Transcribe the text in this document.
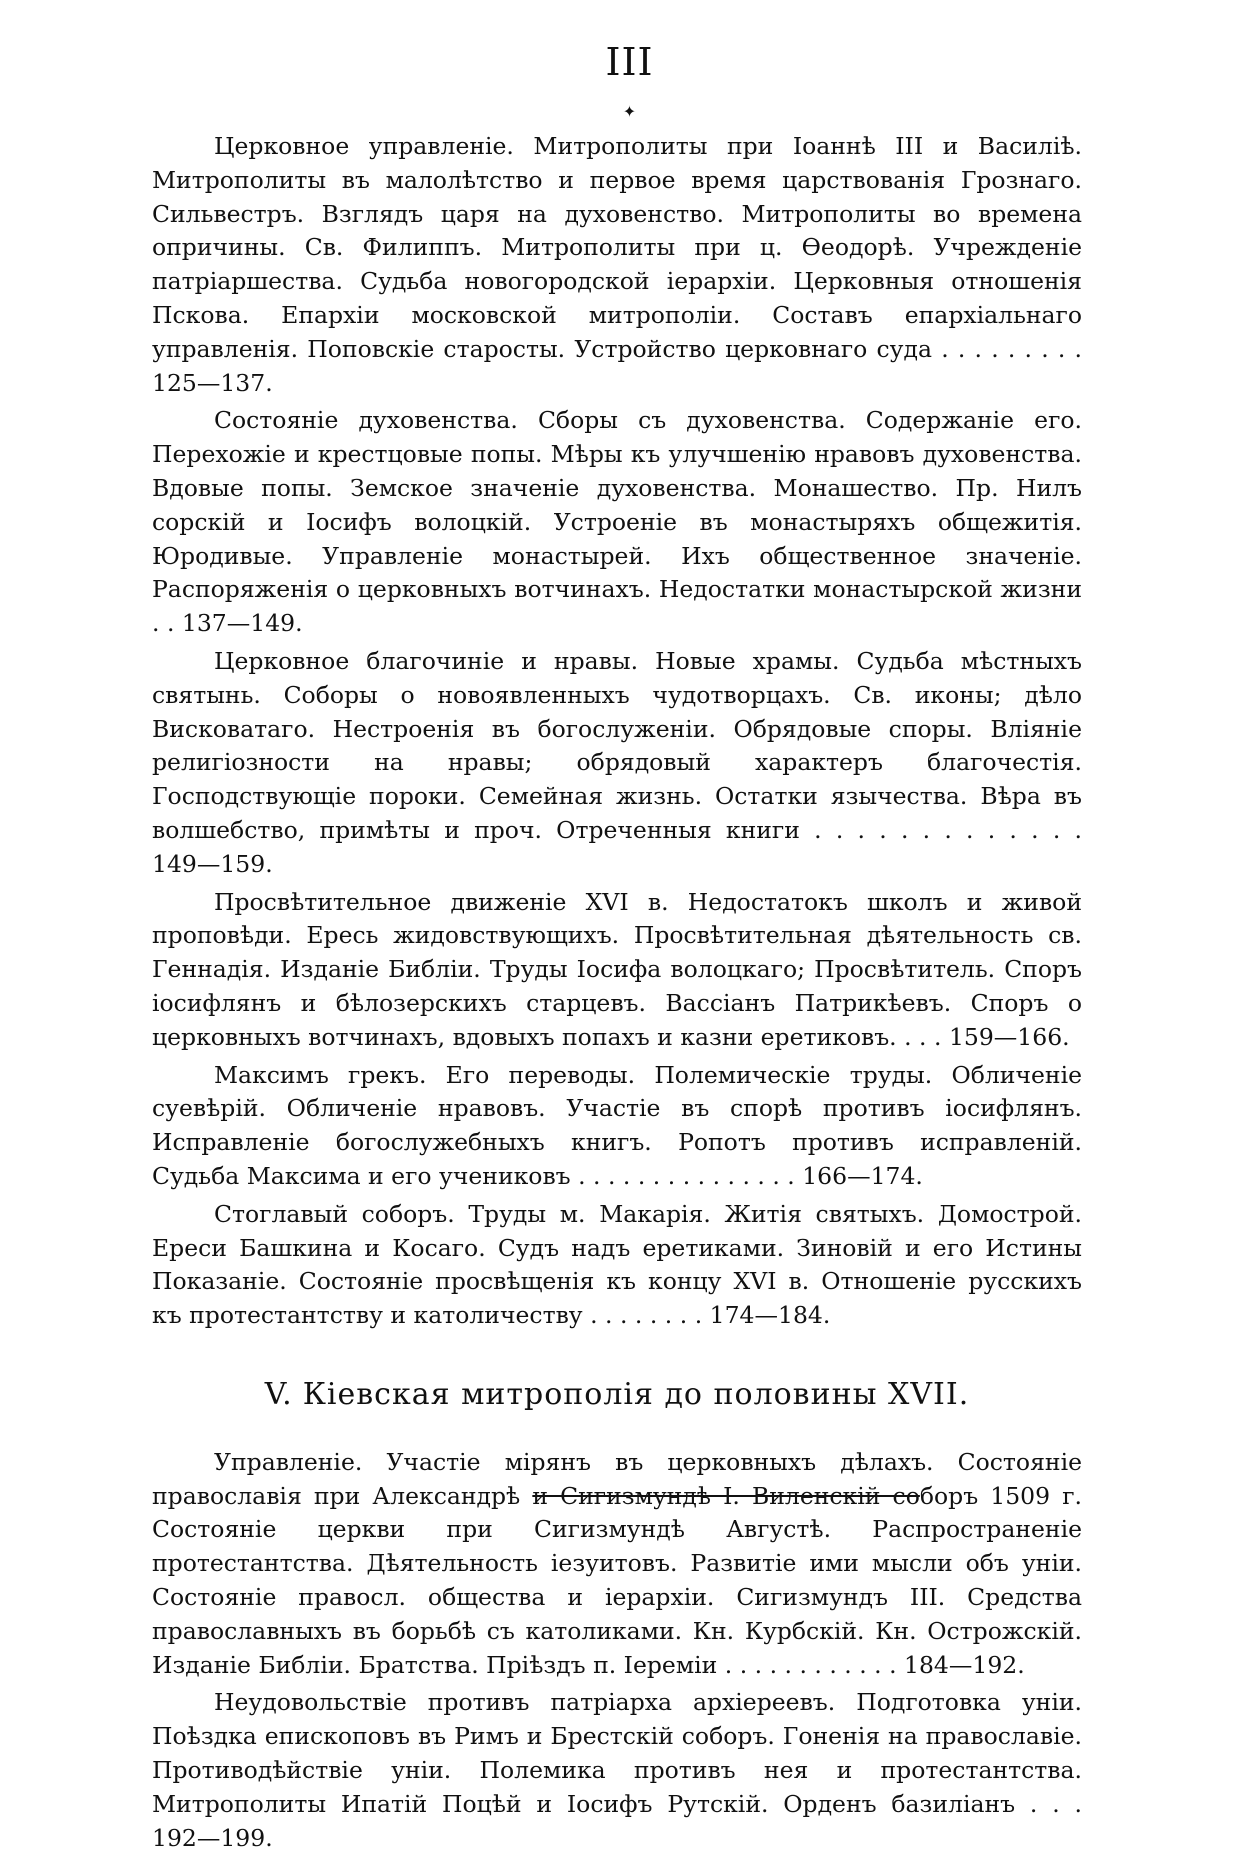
III
✦

Церковное управленіе. Митрополиты при Іоаннѣ III и Василіѣ. Митрополиты въ малолѣтство и первое время царствованія Грознаго. Сильвестръ. Взглядъ царя на духовенство. Митрополиты во времена опричины. Св. Филиппъ. Митрополиты при ц. Ѳеодорѣ. Учрежденіе патріаршества. Судьба новогородской іерархіи. Церковныя отношенія Пскова. Епархіи московской митрополіи. Составъ епархіальнаго управленія. Поповскіе старосты. Устройство церковнаго суда . . . . . . . . . 125—137.

Состояніе духовенства. Сборы съ духовенства. Содержаніе его. Перехожіе и крестцовые попы. Мѣры къ улучшенію нравовъ духовенства. Вдовые попы. Земское значеніе духовенства. Монашество. Пр. Нилъ сорскій и Іосифъ волоцкій. Устроеніе въ монастыряхъ общежитія. Юродивые. Управленіе монастырей. Ихъ общественное значеніе. Распоряженія о церковныхъ вотчинахъ. Недостатки монастырской жизни . . 137—149.

Церковное благочиніе и нравы. Новые храмы. Судьба мѣстныхъ святынь. Соборы о новоявленныхъ чудотворцахъ. Св. иконы; дѣло Висковатаго. Нестроенія въ богослуженіи. Обрядовые споры. Вліяніе религіозности на нравы; обрядовый характеръ благочестія. Господствующіе пороки. Семейная жизнь. Остатки язычества. Вѣра въ волшебство, примѣты и проч. Отреченныя книги . . . . . . . . . . . . . 149—159.

Просвѣтительное движеніе XVI в. Недостатокъ школъ и живой проповѣди. Ересь жидовствующихъ. Просвѣтительная дѣятельность св. Геннадія. Изданіе Библіи. Труды Іосифа волоцкаго; Просвѣтитель. Споръ іосифлянъ и бѣлозерскихъ старцевъ. Вассіанъ Патрикѣевъ. Споръ о церковныхъ вотчинахъ, вдовыхъ попахъ и казни еретиковъ. . . . 159—166.

Максимъ грекъ. Его переводы. Полемическіе труды. Обличеніе суевѣрій. Обличеніе нравовъ. Участіе въ спорѣ противъ іосифлянъ. Исправленіе богослужебныхъ книгъ. Ропотъ противъ исправленій. Судьба Максима и его учениковъ . . . . . . . . . . . . . . . 166—174.

Стоглавый соборъ. Труды м. Макарія. Житія святыхъ. Домострой. Ереси Башкина и Косаго. Судъ надъ еретиками. Зиновій и его Истины Показаніе. Состояніе просвѣщенія къ концу XVI в. Отношеніе русскихъ къ протестантству и католичеству . . . . . . . . 174—184.

V. Кіевская митрополія до половины XVII.

Управленіе. Участіе мірянъ въ церковныхъ дѣлахъ. Состояніе православія при Александрѣ и Сигизмундѣ I. Виленскій соборъ 1509 г. Состояніе церкви при Сигизмундѣ Августѣ. Распространеніе протестантства. Дѣятельность іезуитовъ. Развитіе ими мысли объ уніи. Состояніе правосл. общества и іерархіи. Сигизмундъ III. Средства православныхъ въ борьбѣ съ католиками. Кн. Курбскій. Кн. Острожскій. Изданіе Библіи. Братства. Пріѣздъ п. Іереміи . . . . . . . . . . . . 184—192.

Неудовольствіе противъ патріарха архіереевъ. Подготовка уніи. Поѣздка епископовъ въ Римъ и Брестскій соборъ. Гоненія на православіе. Противодѣйствіе уніи. Полемика противъ нея и протестантства. Митрополиты Ипатій Поцѣй и Іосифъ Рутскій. Орденъ базиліанъ . . . 192—199.
